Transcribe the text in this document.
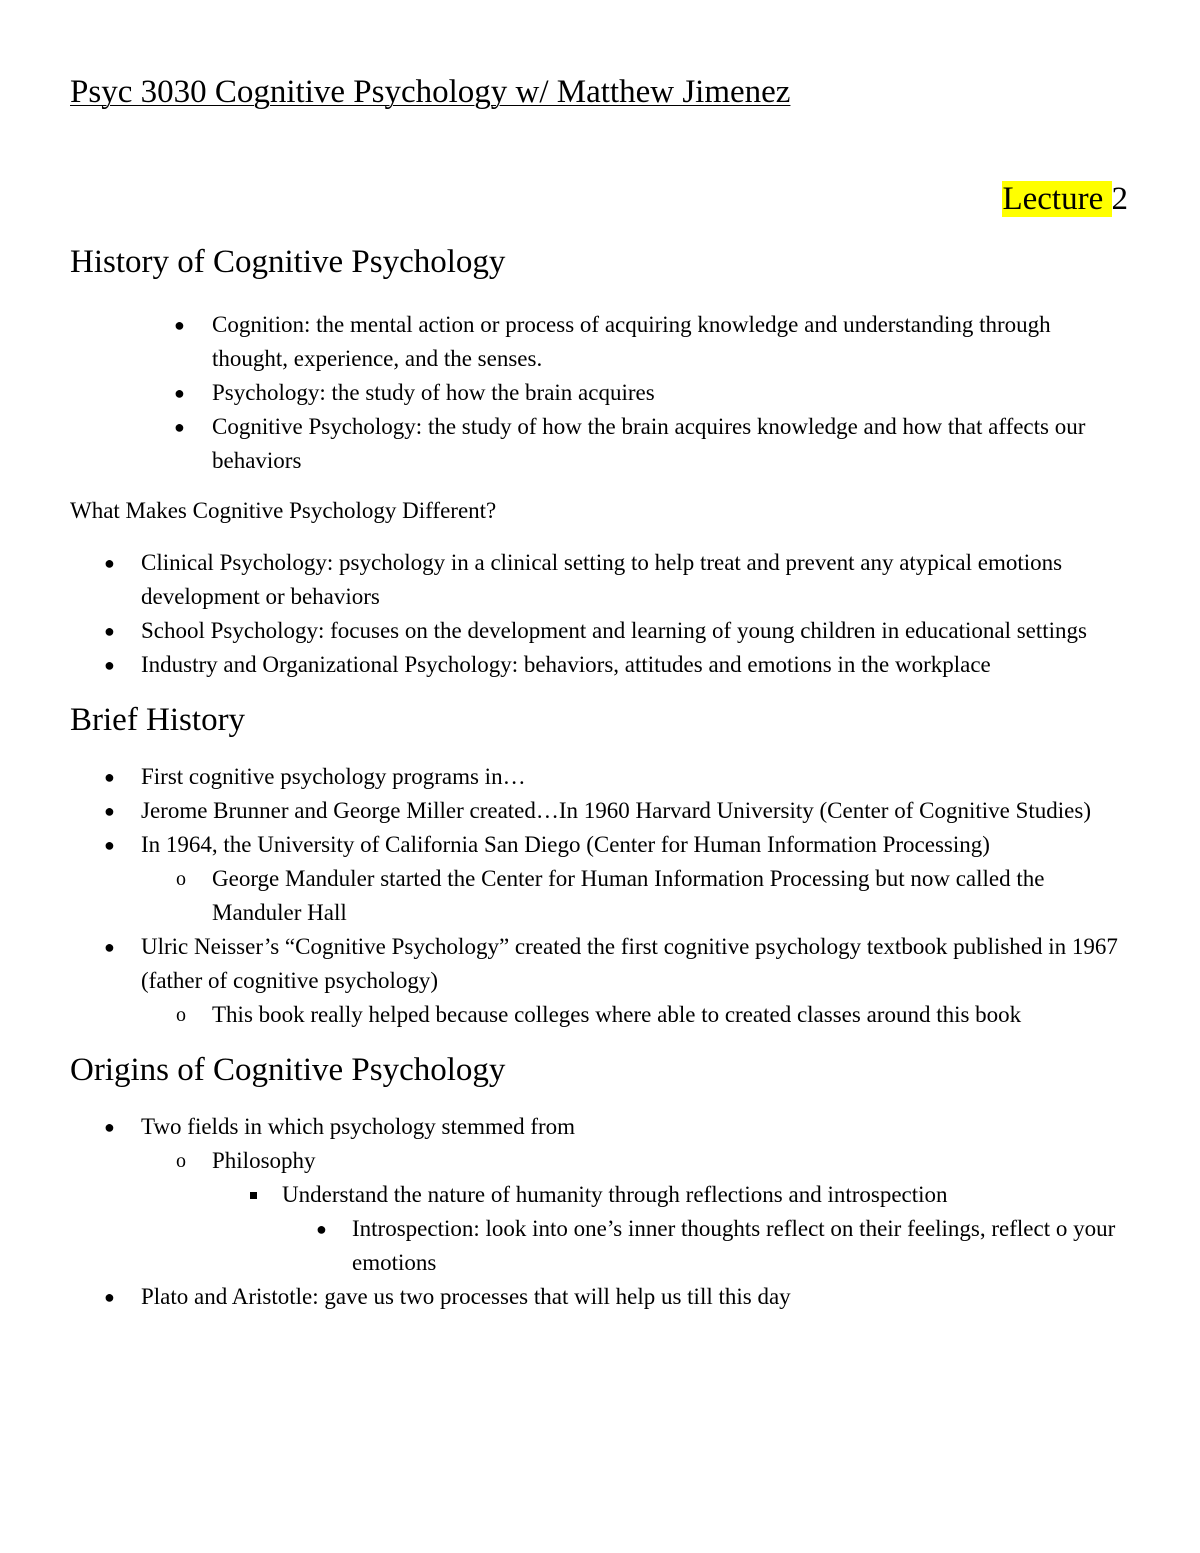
Psyc 3030 Cognitive Psychology w/ Matthew Jimenez

Lecture 2
History of Cognitive Psychology
● Cognition: the mental action or process of acquiring knowledge and understanding through thought, experience, and the senses.
● Psychology: the study of how the brain acquires
● Cognitive Psychology: the study of how the brain acquires knowledge and how that affects our behaviors

What Makes Cognitive Psychology Different?

● Clinical Psychology: psychology in a clinical setting to help treat and prevent any atypical emotions development or behaviors
● School Psychology: focuses on the development and learning of young children in educational settings
● Industry and Organizational Psychology: behaviors, attitudes and emotions in the workplace
Brief History
● First cognitive psychology programs in…
● Jerome Brunner and George Miller created…In 1960 Harvard University (Center of Cognitive Studies)
● In 1964, the University of California San Diego (Center for Human Information Processing)
o George Manduler started the Center for Human Information Processing but now called the Manduler Hall
● Ulric Neisser’s “Cognitive Psychology” created the first cognitive psychology textbook published in 1967 (father of cognitive psychology)
o This book really helped because colleges where able to created classes around this book
Origins of Cognitive Psychology
● Two fields in which psychology stemmed from
o Philosophy
Understand the nature of humanity through reflections and introspection
● Introspection: look into one’s inner thoughts reflect on their feelings, reflect o your emotions
● Plato and Aristotle: gave us two processes that will help us till this day
